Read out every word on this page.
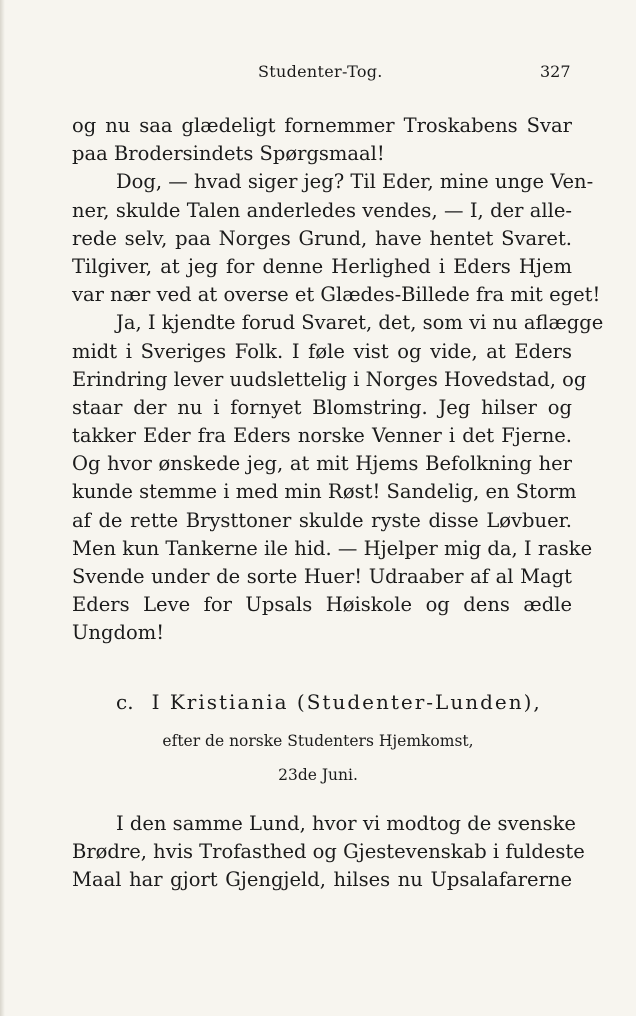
Studenter-Tog.	327
og nu saa glædeligt fornemmer Troskabens Svar
paa Brodersindets Spørgsmaal!
Dog, — hvad siger jeg? Til Eder, mine unge Ven-
ner, skulde Talen anderledes vendes, — I, der alle-
rede selv, paa Norges Grund, have hentet Svaret.
Tilgiver, at jeg for denne Herlighed i Eders Hjem
var nær ved at overse et Glædes-Billede fra mit eget!
Ja, I kjendte forud Svaret, det, som vi nu aflægge
midt i Sveriges Folk. I føle vist og vide, at Eders
Erindring lever uudslettelig i Norges Hovedstad, og
staar der nu i fornyet Blomstring. Jeg hilser og
takker Eder fra Eders norske Venner i det Fjerne.
Og hvor ønskede jeg, at mit Hjems Befolkning her
kunde stemme i med min Røst! Sandelig, en Storm
af de rette Brysttoner skulde ryste disse Løvbuer.
Men kun Tankerne ile hid. — Hjelper mig da, I raske
Svende under de sorte Huer! Udraaber af al Magt
Eders Leve for Upsals Høiskole og dens ædle
Ungdom!
c. I Kristiania (Studenter-Lunden),
efter de norske Studenters Hjemkomst,
23de Juni.
I den samme Lund, hvor vi modtog de svenske
Brødre, hvis Trofasthed og Gjestevenskab i fuldeste
Maal har gjort Gjengjeld, hilses nu Upsalafarerne
